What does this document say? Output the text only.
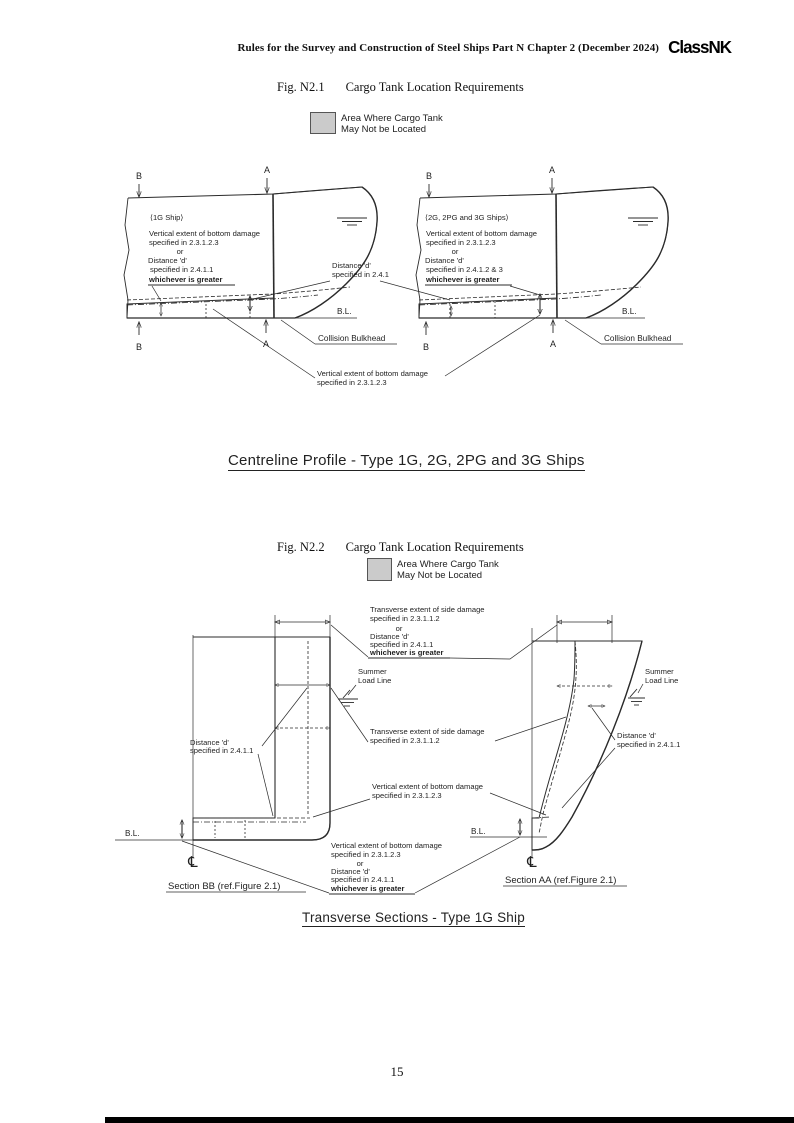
Rules for the Survey and Construction of Steel Ships Part N Chapter 2 (December 2024) ClassNK
Fig. N2.1 Cargo Tank Location Requirements
Area Where Cargo Tank
May Not be Located
B
A
B	A
⟨1G Ship⟩
Vertical extent of bottom damage
specified in 2.3.1.2.3
or
Distance 'd'
specified in 2.4.1.1
whichever is greater
B.L.
Collision Bulkhead
B
A
B	A
⟨2G, 2PG and 3G Ships⟩
Vertical extent of bottom damage
specified in 2.3.1.2.3
or
Distance 'd'
specified in 2.4.1.2 & 3
whichever is greater
B.L.
Collision Bulkhead
Distance 'd'
specified in 2.4.1
Vertical extent of bottom damage
specified in 2.3.1.2.3
Centreline Profile - Type 1G, 2G, 2PG and 3G Ships
Fig. N2.2 Cargo Tank Location Requirements
Area Where Cargo Tank
May Not be Located
B.L.
℄
Distance 'd'
specified in 2.4.1.1
Section BB (ref.Figure 2.1)
B.L.
℄
Summer
Load Line
Distance 'd'
specified in 2.4.1.1
Section AA (ref.Figure 2.1)
Summer
Load Line
Transverse extent of side damage
specified in 2.3.1.1.2
or
Distance 'd'
specified in 2.4.1.1
whichever is greater
Transverse extent of side damage
specified in 2.3.1.1.2
Vertical extent of bottom damage
specified in 2.3.1.2.3
Vertical extent of bottom damage
specified in 2.3.1.2.3
or
Distance 'd'
specified in 2.4.1.1
whichever is greater
Transverse Sections - Type 1G Ship
15
